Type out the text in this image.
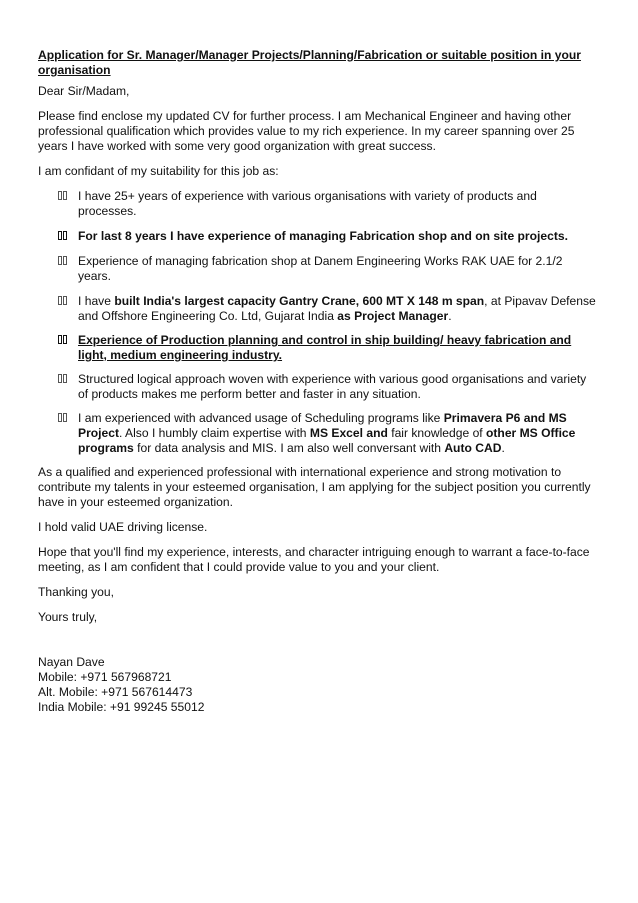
Application for Sr. Manager/Manager Projects/Planning/Fabrication or suitable position in your organisation

Dear Sir/Madam,

Please find enclose my updated CV for further process. I am Mechanical Engineer and having other professional qualification which provides value to my rich experience. In my career spanning over 25 years I have worked with some very good organization with great success.

I am confidant of my suitability for this job as:

I have 25+ years of experience with various organisations with variety of products and processes.
For last 8 years I have experience of managing Fabrication shop and on site projects.
Experience of managing fabrication shop at Danem Engineering Works RAK UAE for 2.1/2 years.
I have built India's largest capacity Gantry Crane, 600 MT X 148 m span, at Pipavav Defense and Offshore Engineering Co. Ltd, Gujarat India as Project Manager.
Experience of Production planning and control in ship building/ heavy fabrication and light, medium engineering industry.
Structured logical approach woven with experience with various good organisations and variety of products makes me perform better and faster in any situation.
I am experienced with advanced usage of Scheduling programs like Primavera P6 and MS Project. Also I humbly claim expertise with MS Excel and fair knowledge of other MS Office programs for data analysis and MIS. I am also well conversant with Auto CAD.

As a qualified and experienced professional with international experience and strong motivation to contribute my talents in your esteemed organisation, I am applying for the subject position you currently have in your esteemed organization.

I hold valid UAE driving license.

Hope that you'll find my experience, interests, and character intriguing enough to warrant a face-to-face meeting, as I am confident that I could provide value to you and your client.

Thanking you,

Yours truly,

Nayan Dave
Mobile: +971 567968721
Alt. Mobile: +971 567614473
India Mobile: +91 99245 55012
